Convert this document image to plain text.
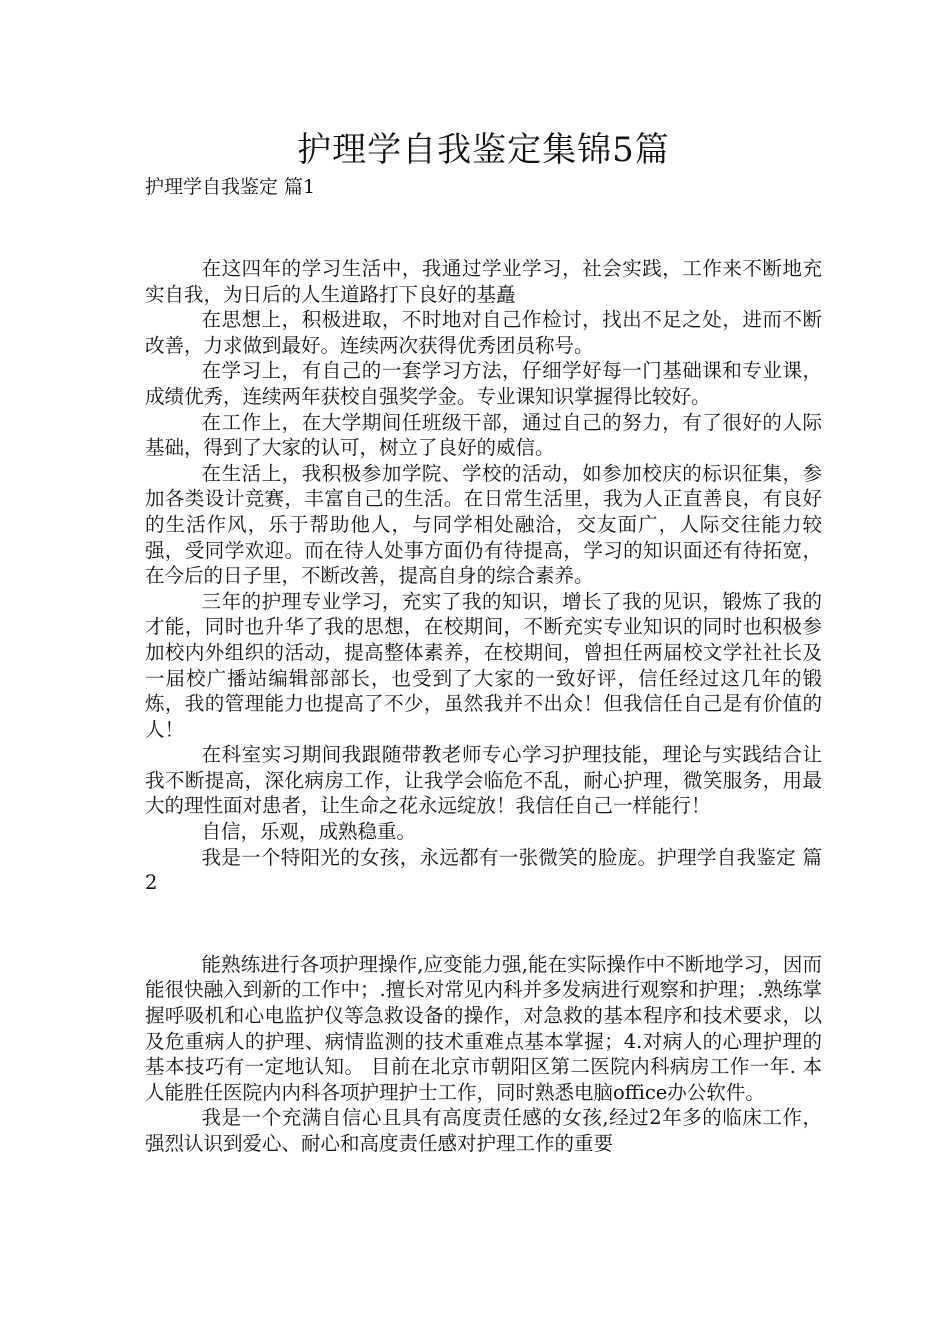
护理学自我鉴定集锦5篇
护理学自我鉴定 篇1

在这四年的学习生活中，我通过学业学习，社会实践，工作来不断地充实自我，为日后的人生道路打下良好的基矗

在思想上，积极进取，不时地对自己作检讨，找出不足之处，进而不断改善，力求做到最好。连续两次获得优秀团员称号。

在学习上，有自己的一套学习方法，仔细学好每一门基础课和专业课，成绩优秀，连续两年获校自强奖学金。专业课知识掌握得比较好。

在工作上，在大学期间任班级干部，通过自己的努力，有了很好的人际基础，得到了大家的认可，树立了良好的威信。

在生活上，我积极参加学院、学校的活动，如参加校庆的标识征集，参加各类设计竞赛，丰富自己的生活。在日常生活里，我为人正直善良，有良好的生活作风，乐于帮助他人，与同学相处融洽，交友面广，人际交往能力较强，受同学欢迎。而在待人处事方面仍有待提高，学习的知识面还有待拓宽，在今后的日子里，不断改善，提高自身的综合素养。

三年的护理专业学习，充实了我的知识，增长了我的见识，锻炼了我的才能，同时也升华了我的思想，在校期间，不断充实专业知识的同时也积极参加校内外组织的活动，提高整体素养，在校期间，曾担任两届校文学社社长及一届校广播站编辑部部长，也受到了大家的一致好评，信任经过这几年的锻炼，我的管理能力也提高了不少，虽然我并不出众！但我信任自己是有价值的人！

在科室实习期间我跟随带教老师专心学习护理技能，理论与实践结合让我不断提高，深化病房工作，让我学会临危不乱，耐心护理，微笑服务，用最大的理性面对患者，让生命之花永远绽放！我信任自己一样能行！

自信，乐观，成熟稳重。

我是一个特阳光的女孩，永远都有一张微笑的脸庞。护理学自我鉴定 篇2

能熟练进行各项护理操作,应变能力强,能在实际操作中不断地学习，因而能很快融入到新的工作中；.擅长对常见内科并多发病进行观察和护理；.熟练掌握呼吸机和心电监护仪等急救设备的操作，对急救的基本程序和技术要求，以及危重病人的护理、病情监测的技术重难点基本掌握；4.对病人的心理护理的基本技巧有一定地认知。 目前在北京市朝阳区第二医院内科病房工作一年. 本人能胜任医院内内科各项护理护士工作，同时熟悉电脑office办公软件。

我是一个充满自信心且具有高度责任感的女孩,经过2年多的临床工作，强烈认识到爱心、耐心和高度责任感对护理工作的重要
